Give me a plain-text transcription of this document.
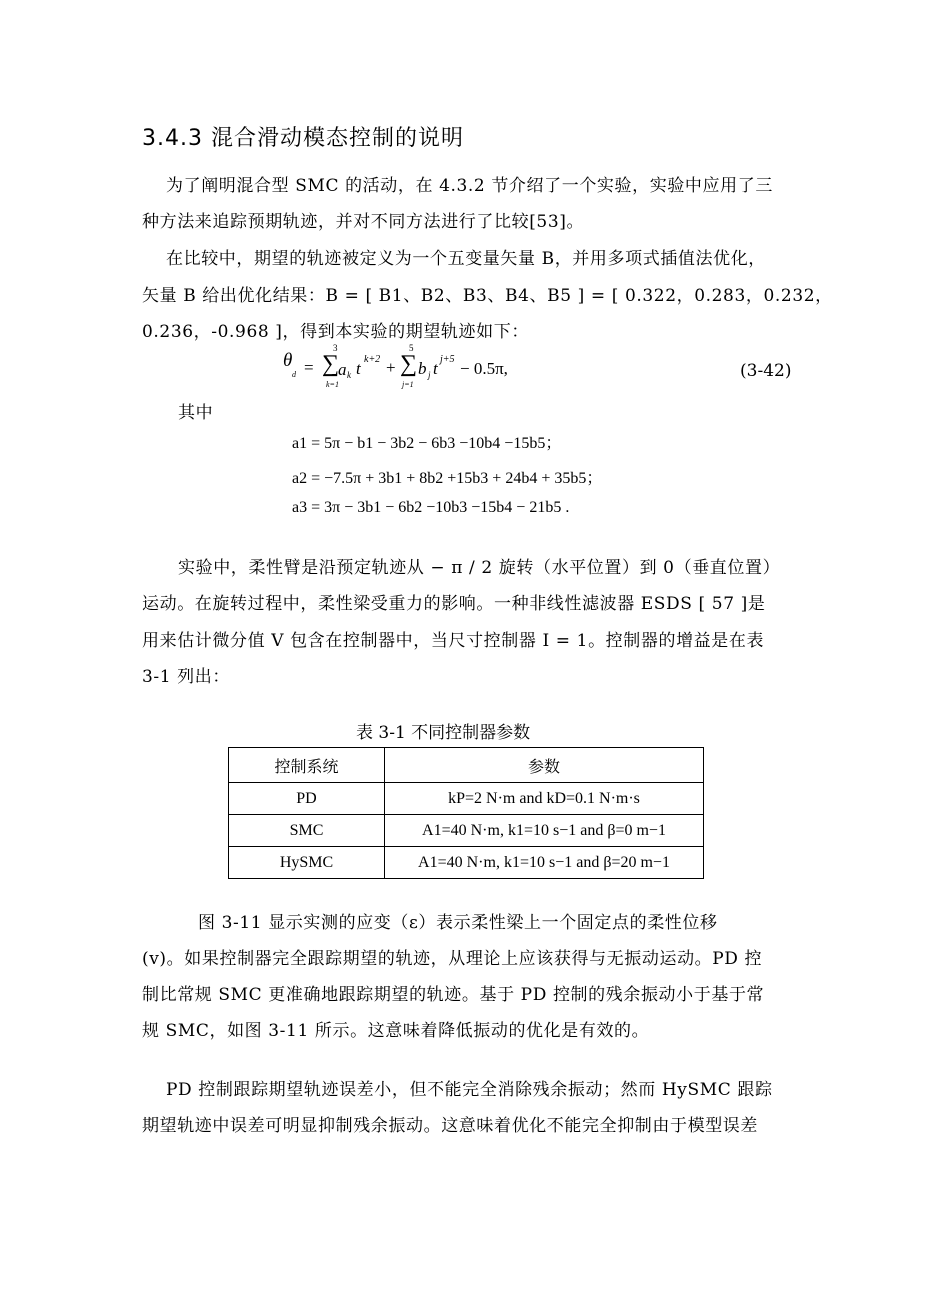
3.4.3 混合滑动模态控制的说明
为了阐明混合型 SMC 的活动，在 4.3.2 节介绍了一个实验，实验中应用了三
种方法来追踪预期轨迹，并对不同方法进行了比较[53]。
在比较中，期望的轨迹被定义为一个五变量矢量 B，并用多项式插值法优化，
矢量 B 给出优化结果：B = [ B1、B2、B3、B4、B5 ] = [ 0.322，0.283，0.232，
0.236，-0.968 ]，得到本实验的期望轨迹如下：
θ
d = ∑
3
k=1
a k t k+2 + ∑
5
j=1
b j t j+5 − 0.5π,	(3-42)
其中
a1 = 5π − b1 − 3b2 − 6b3 −10b4 −15b5；
a2 = −7.5π + 3b1 + 8b2 +15b3 + 24b4 + 35b5；
a3 = 3π − 3b1 − 6b2 −10b3 −15b4 − 21b5 .
实验中，柔性臂是沿预定轨迹从 − π / 2 旋转（水平位置）到 0（垂直位置）
运动。在旋转过程中，柔性梁受重力的影响。一种非线性滤波器 ESDS [ 57 ]是
用来估计微分值 V 包含在控制器中，当尺寸控制器 I = 1。控制器的增益是在表
3-1 列出：
表 3-1 不同控制器参数
控制系统	参数
PD	kP=2 N·m and kD=0.1 N·m·s
SMC	A1=40 N·m, k1=10 s−1 and β=0 m−1
HySMC	A1=40 N·m, k1=10 s−1 and β=20 m−1
图 3-11 显示实测的应变（ε）表示柔性梁上一个固定点的柔性位移
(v)。如果控制器完全跟踪期望的轨迹，从理论上应该获得与无振动运动。PD 控
制比常规 SMC 更准确地跟踪期望的轨迹。基于 PD 控制的残余振动小于基于常
规 SMC，如图 3-11 所示。这意味着降低振动的优化是有效的。
PD 控制跟踪期望轨迹误差小，但不能完全消除残余振动；然而 HySMC 跟踪
期望轨迹中误差可明显抑制残余振动。这意味着优化不能完全抑制由于模型误差
